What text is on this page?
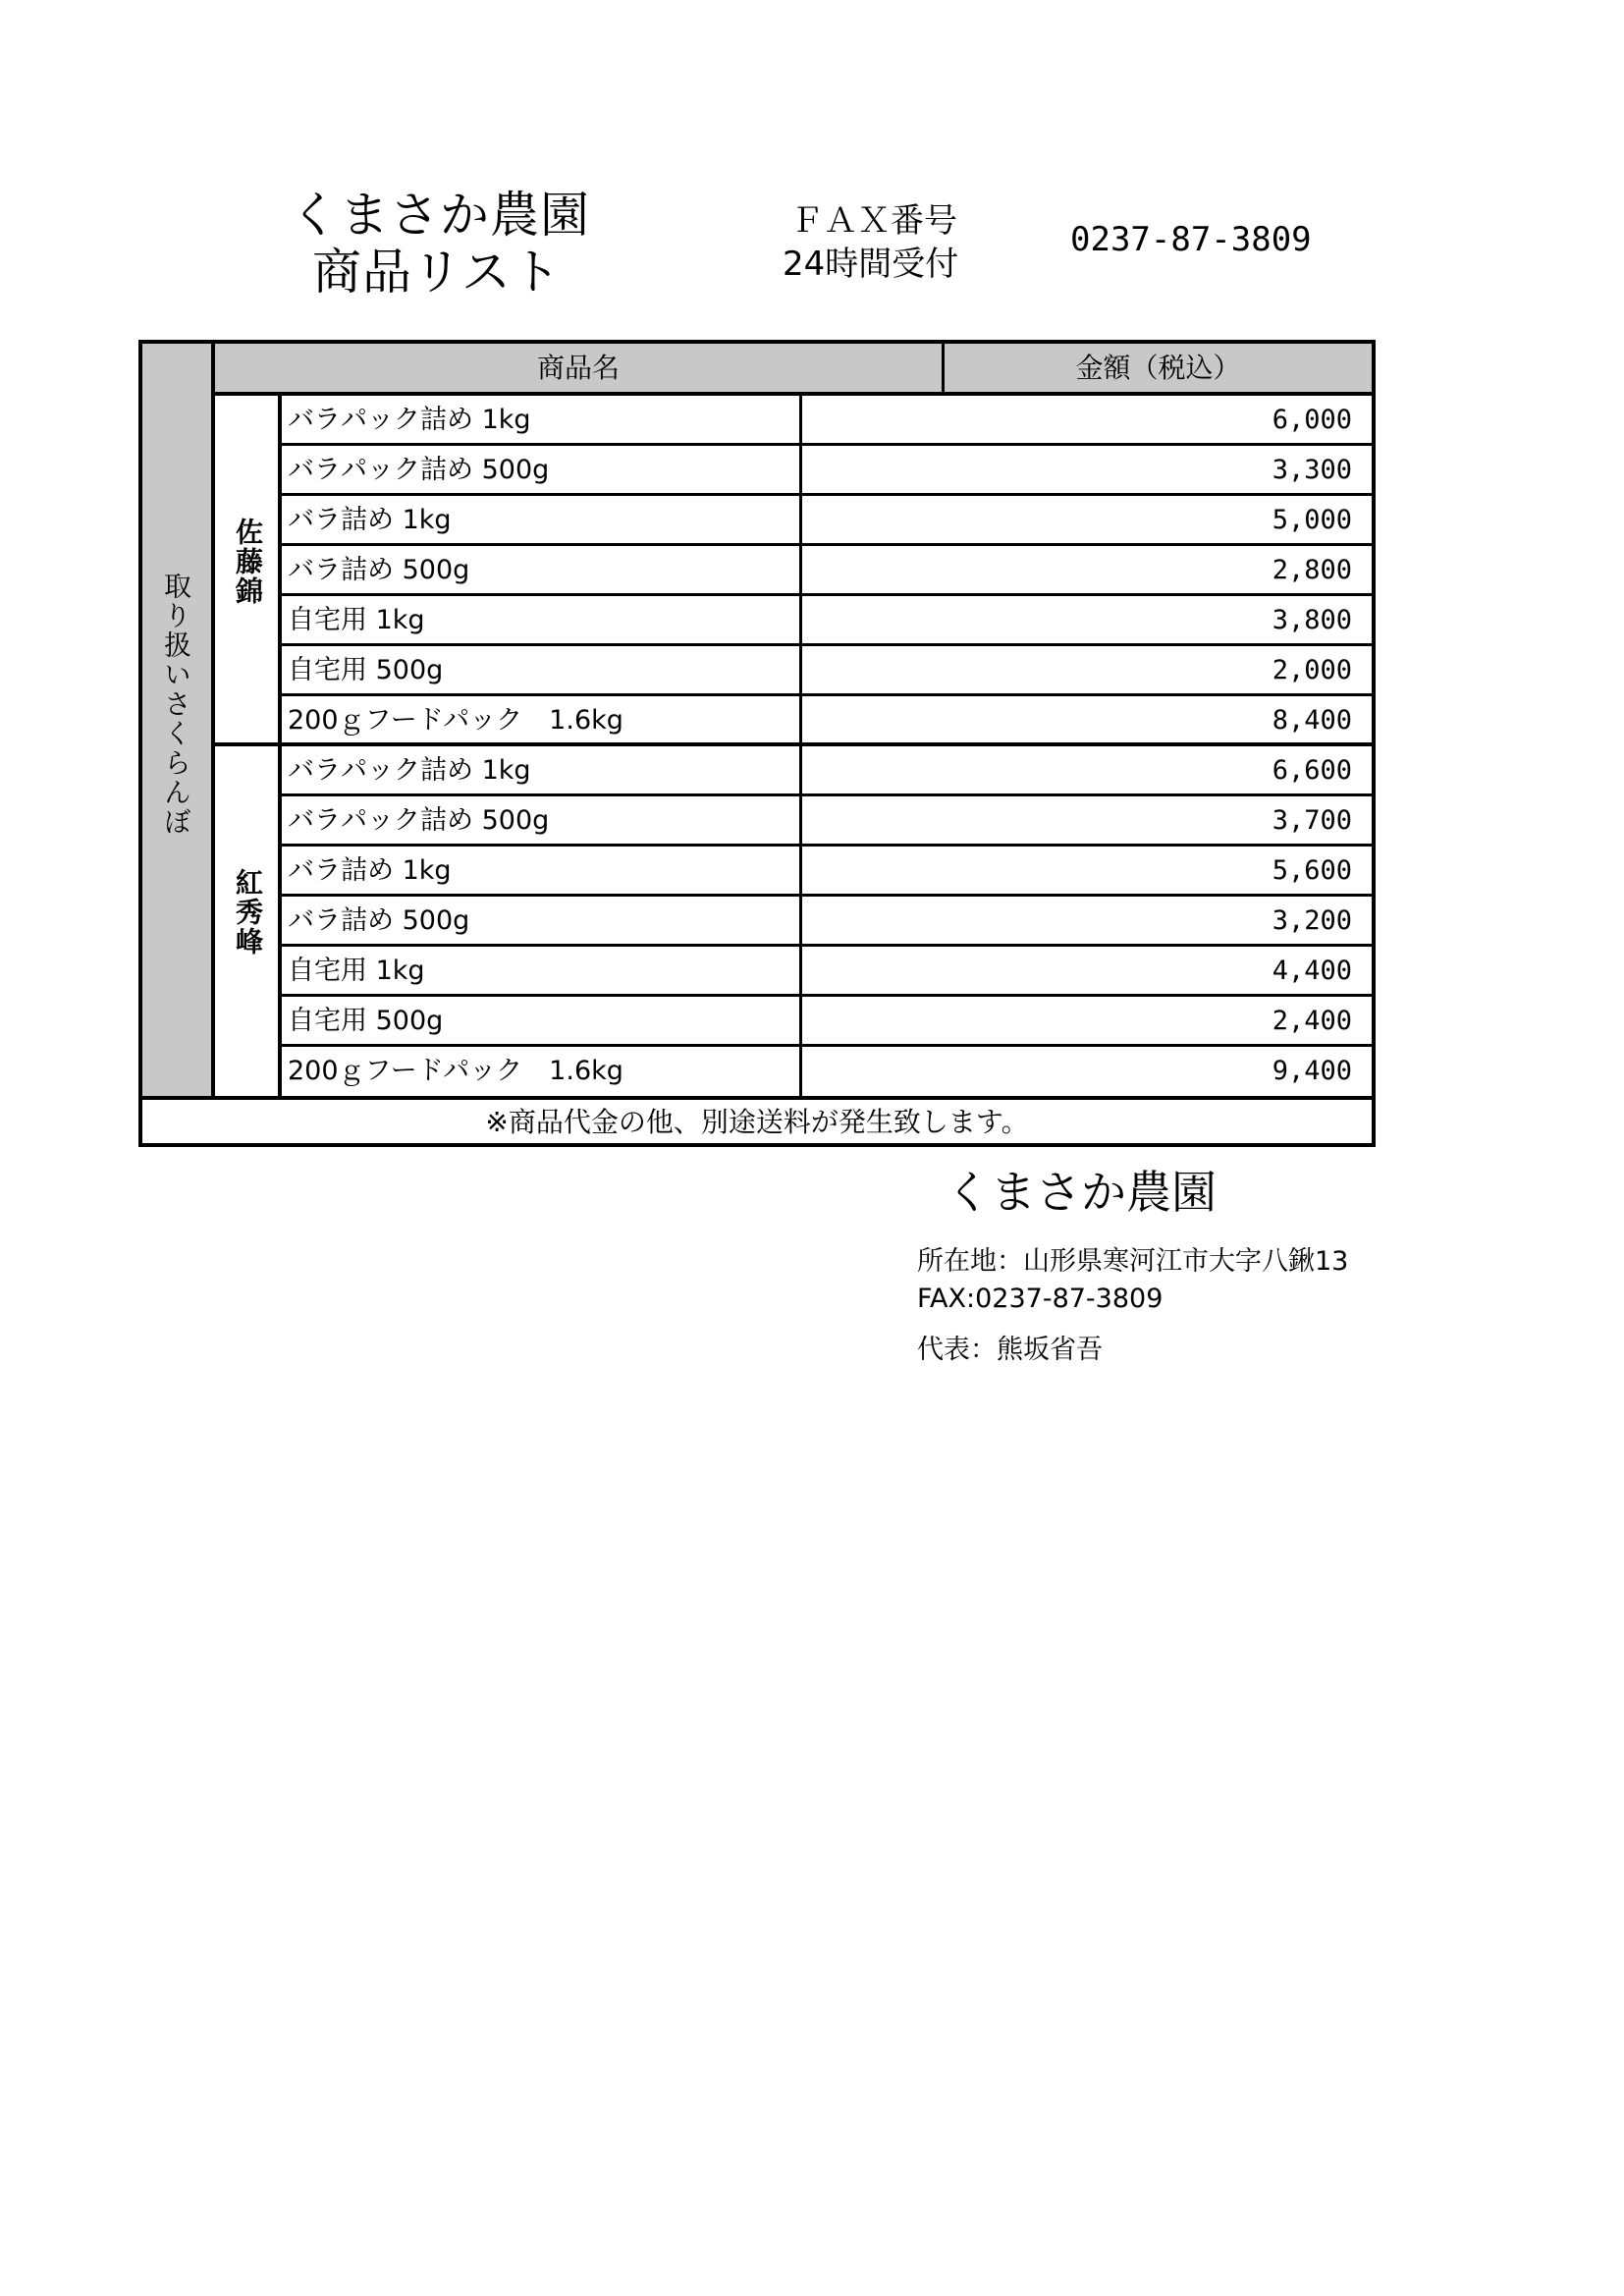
くまさか農園
商品リスト
ＦＡＸ番号
24時間受付
0237-87-3809
取り扱いさくらんぼ
商品名	金額（税込）
佐藤錦
バラパック詰め 1kg	6,000
バラパック詰め 500g	3,300
バラ詰め 1kg	5,000
バラ詰め 500g	2,800
自宅用 1kg	3,800
自宅用 500g	2,000
200ｇフードパック　1.6kg	8,400
紅秀峰
バラパック詰め 1kg	6,600
バラパック詰め 500g	3,700
バラ詰め 1kg	5,600
バラ詰め 500g	3,200
自宅用 1kg	4,400
自宅用 500g	2,400
200ｇフードパック　1.6kg	9,400
※商品代金の他、別途送料が発生致します。
くまさか農園
所在地：山形県寒河江市大字八鍬13
FAX:0237-87-3809
代表：熊坂省吾
